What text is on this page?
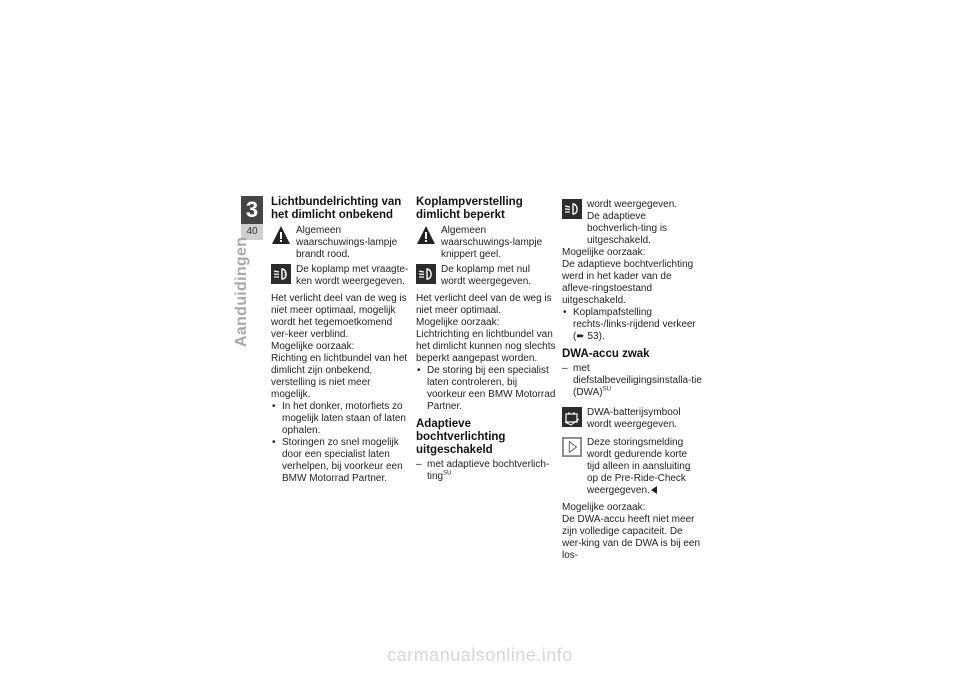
3
40
Aanduidingen
Lichtbundelrichting van het dimlicht onbekend

Algemeen waarschuwings-lampje brandt rood.

? De koplamp met vraagte-ken wordt weergegeven.

Het verlicht deel van de weg is niet meer optimaal, mogelijk wordt het tegemoetkomend ver-keer verblind.

Mogelijke oorzaak:

Richting en lichtbundel van het dimlicht zijn onbekend, verstelling is niet meer mogelijk.

• In het donker, motorfiets zo mogelijk laten staan of laten ophalen.

• Storingen zo snel mogelijk door een specialist laten verhelpen, bij voorkeur een BMW Motorrad Partner.

Koplampverstelling dimlicht beperkt

Algemeen waarschuwings-lampje knippert geel.

De koplamp met nul wordt weergegeven.

Het verlicht deel van de weg is niet meer optimaal.

Mogelijke oorzaak:

Lichtrichting en lichtbundel van het dimlicht kunnen nog slechts beperkt aangepast worden.

• De storing bij een specialist laten controleren, bij voorkeur een BMW Motorrad Partner.

Adaptieve bochtverlichting uitgeschakeld

– met adaptieve bochtverlich-ting$^{SU}$

wordt weergegeven.

De adaptieve bochverlich-ting is uitgeschakeld.

Mogelijke oorzaak:

De adaptieve bochtverlichting werd in het kader van de afleve-ringstoestand uitgeschakeld.

• Koplampafstelling rechts-/links-rijdend verkeer (➨ 53).

DWA-accu zwak

– met diefstalbeveiligingsinstalla-tie (DWA)$^{SU}$

DWA-batterijsymbool wordt weergegeven.

Deze storingsmelding wordt gedurende korte tijd alleen in aansluiting op de Pre-Ride-Check weergegeven.

Mogelijke oorzaak:

De DWA-accu heeft niet meer zijn volledige capaciteit. De wer-king van de DWA is bij een los-

carmanualsonline.info
